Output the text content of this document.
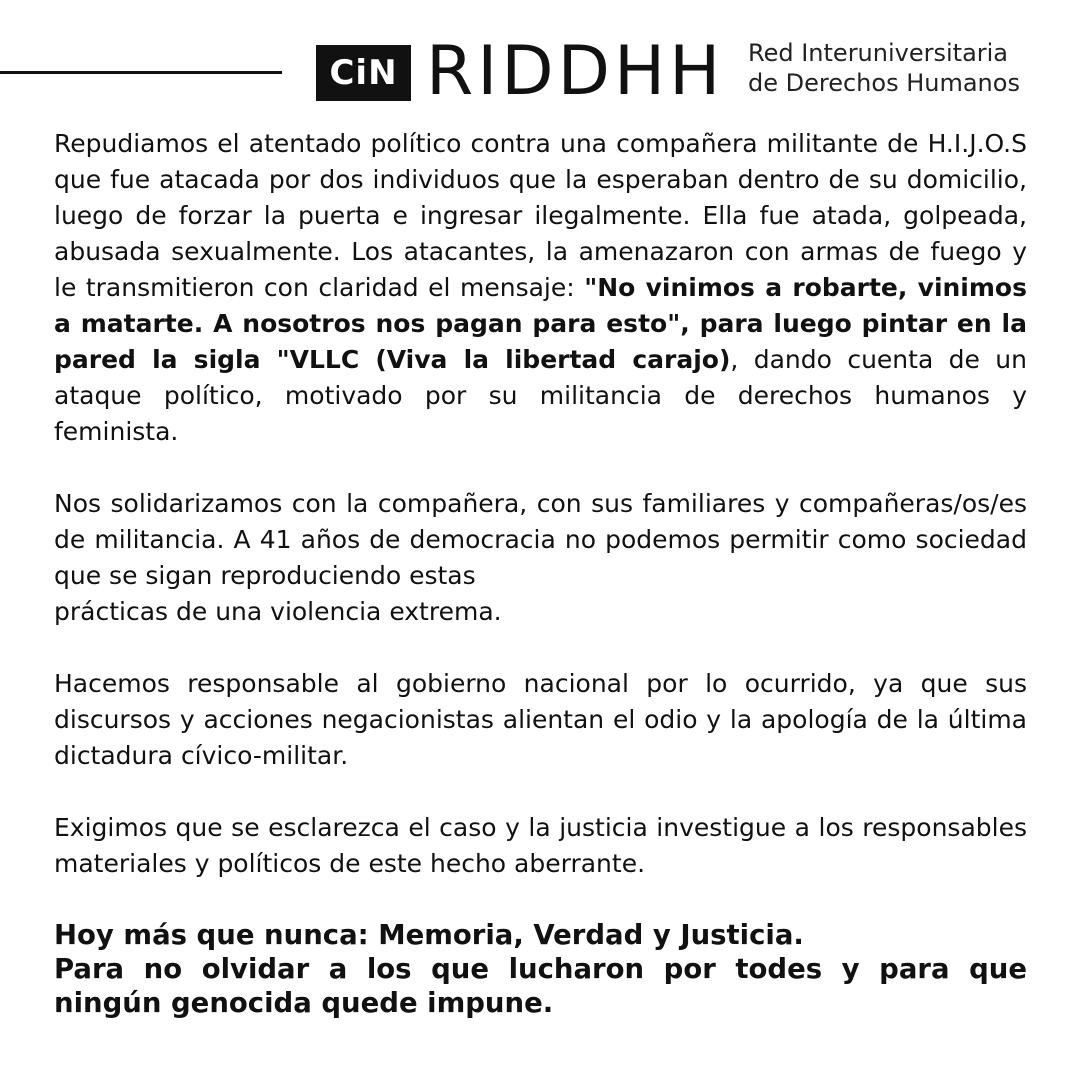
CiN RIDDHH Red Interuniversitaria
de Derechos Humanos

Repudiamos el atentado político contra una compañera militante de H.I.J.O.S que fue atacada por dos individuos que la esperaban dentro de su domicilio, luego de forzar la puerta e ingresar ilegalmente. Ella fue atada, golpeada, abusada sexualmente. Los atacantes, la amenazaron con armas de fuego y le transmitieron con claridad el mensaje: "No vinimos a robarte, vinimos a matarte. A nosotros nos pagan para esto", para luego pintar en la pared la sigla "VLLC (Viva la libertad carajo), dando cuenta de un ataque político, motivado por su militancia de derechos humanos y feminista.

Nos solidarizamos con la compañera, con sus familiares y compañeras/os/es de militancia. A 41 años de democracia no podemos permitir como sociedad que se sigan reproduciendo estas
prácticas de una violencia extrema.

Hacemos responsable al gobierno nacional por lo ocurrido, ya que sus discursos y acciones negacionistas alientan el odio y la apología de la última dictadura cívico-militar.

Exigimos que se esclarezca el caso y la justicia investigue a los responsables materiales y políticos de este hecho aberrante.

Hoy más que nunca: Memoria, Verdad y Justicia.
Para no olvidar a los que lucharon por todes y para que
ningún genocida quede impune.
